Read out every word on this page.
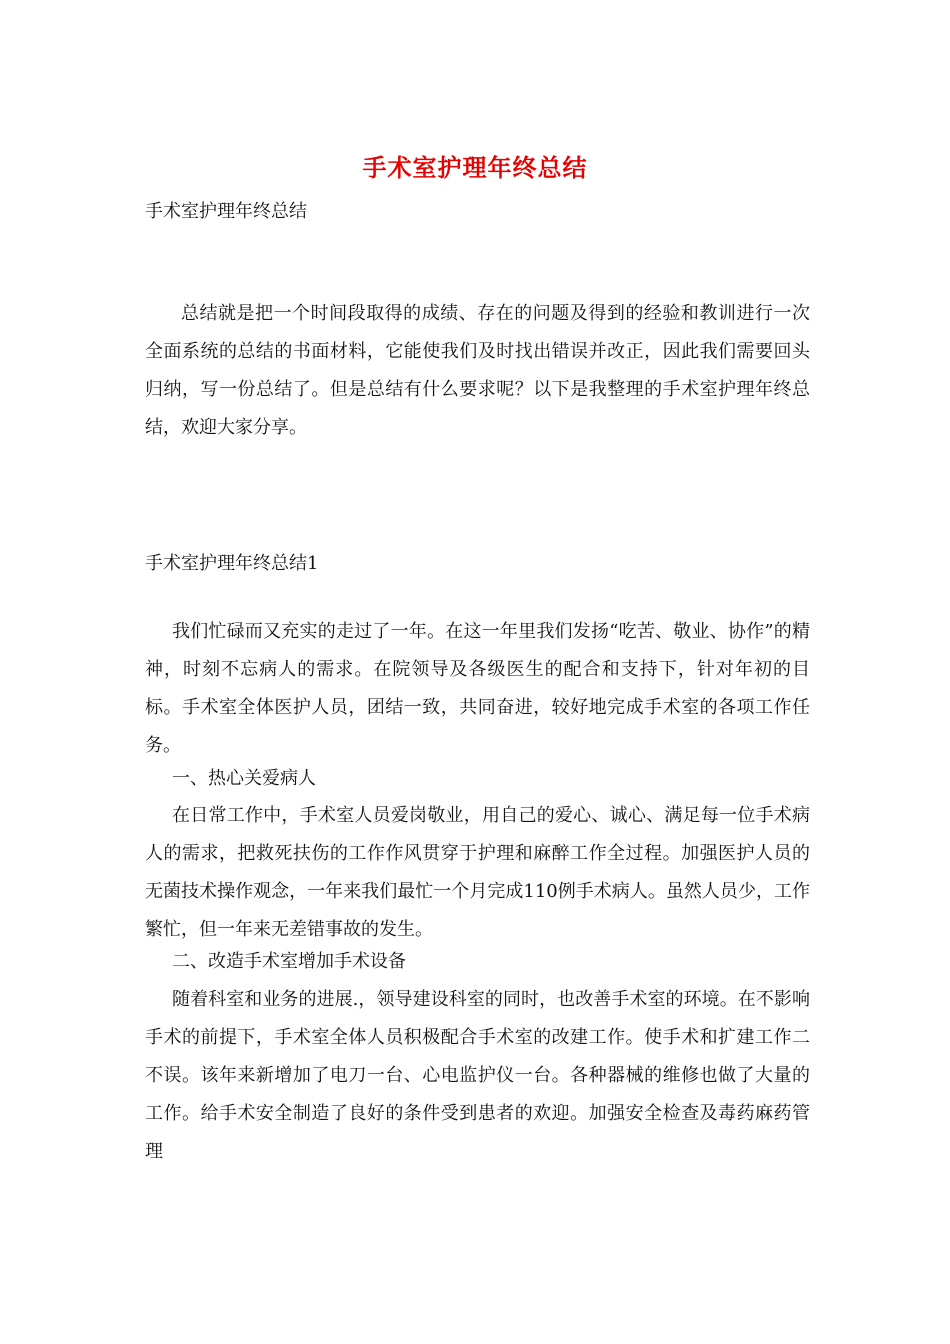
手术室护理年终总结
手术室护理年终总结
总结就是把一个时间段取得的成绩、存在的问题及得到的经验和教训进行一次全面系统的总结的书面材料，它能使我们及时找出错误并改正，因此我们需要回头归纳，写一份总结了。但是总结有什么要求呢？以下是我整理的手术室护理年终总结，欢迎大家分享。
手术室护理年终总结1
我们忙碌而又充实的走过了一年。在这一年里我们发扬“吃苦、敬业、协作”的精神，时刻不忘病人的需求。在院领导及各级医生的配合和支持下，针对年初的目标。手术室全体医护人员，团结一致，共同奋进，较好地完成手术室的各项工作任务。
一、热心关爱病人
在日常工作中，手术室人员爱岗敬业，用自己的爱心、诚心、满足每一位手术病人的需求，把救死扶伤的工作作风贯穿于护理和麻醉工作全过程。加强医护人员的无菌技术操作观念，一年来我们最忙一个月完成110例手术病人。虽然人员少，工作繁忙，但一年来无差错事故的发生。
二、改造手术室增加手术设备
随着科室和业务的进展.，领导建设科室的同时，也改善手术室的环境。在不影响手术的前提下，手术室全体人员积极配合手术室的改建工作。使手术和扩建工作二不误。该年来新增加了电刀一台、心电监护仪一台。各种器械的维修也做了大量的工作。给手术安全制造了良好的条件受到患者的欢迎。加强安全检查及毒药麻药管理
